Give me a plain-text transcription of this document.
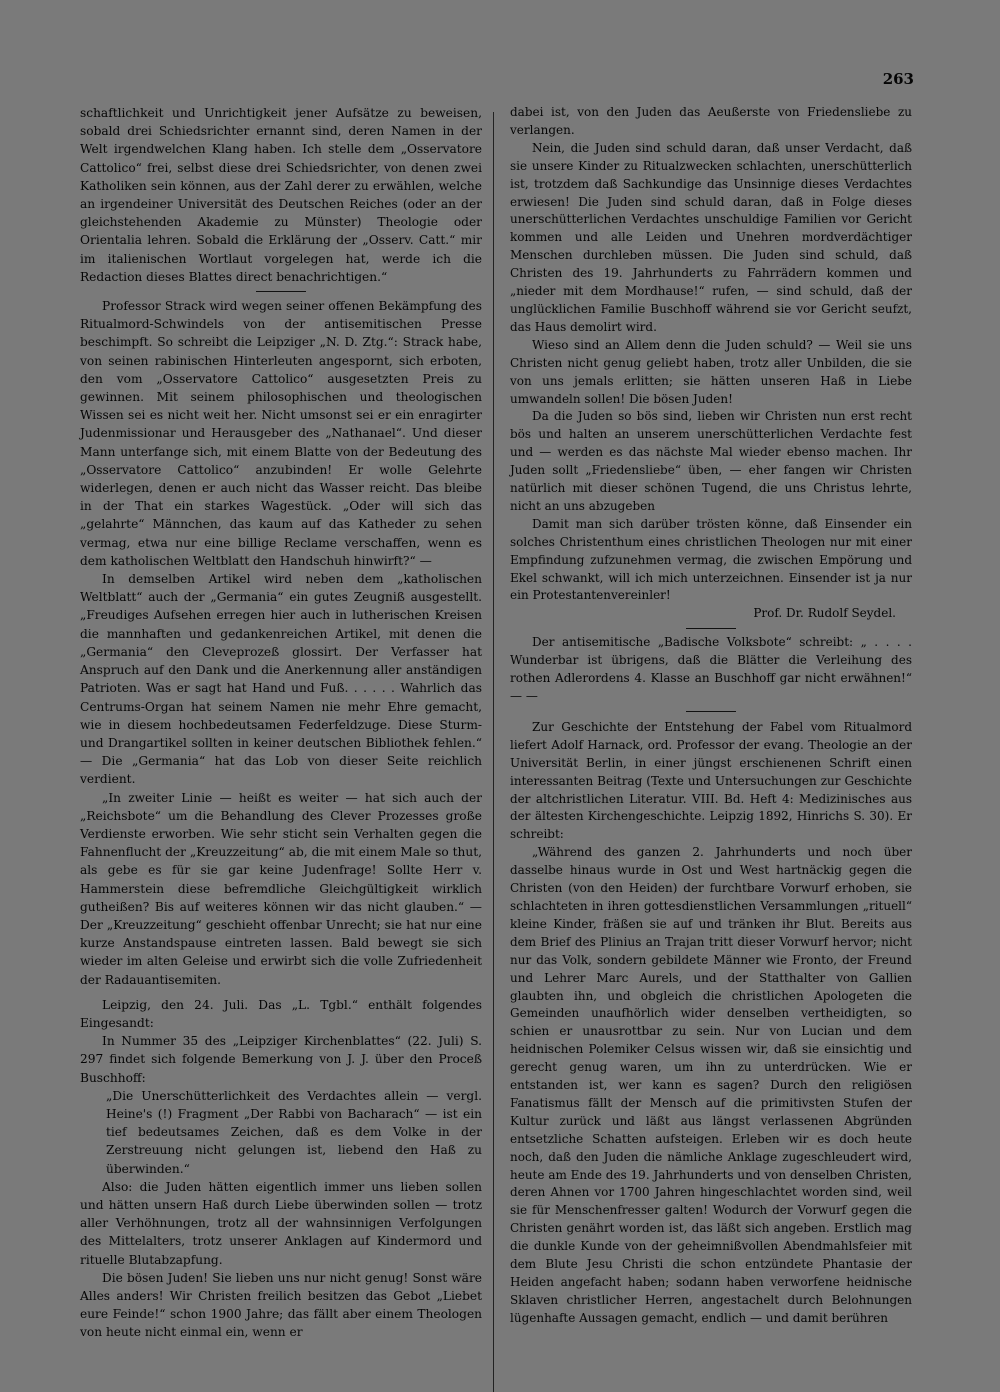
263

schaftlichkeit und Unrichtigkeit jener Aufsätze zu beweisen, sobald drei Schiedsrichter ernannt sind, deren Namen in der Welt irgendwelchen Klang haben. Ich stelle dem „Osservatore Cattolico“ frei, selbst diese drei Schiedsrichter, von denen zwei Katholiken sein können, aus der Zahl derer zu erwählen, welche an irgendeiner Universität des Deutschen Reiches (oder an der gleichstehenden Akademie zu Münster) Theologie oder Orientalia lehren. Sobald die Erklärung der „Osserv. Catt.“ mir im italienischen Wortlaut vorgelegen hat, werde ich die Redaction dieses Blattes direct benachrichtigen.“

Professor Strack wird wegen seiner offenen Bekämpfung des Ritualmord-Schwindels von der antisemitischen Presse beschimpft. So schreibt die Leipziger „N. D. Ztg.“: Strack habe, von seinen rabinischen Hinterleuten angespornt, sich erboten, den vom „Osservatore Cattolico“ ausgesetzten Preis zu gewinnen. Mit seinem philosophischen und theologischen Wissen sei es nicht weit her. Nicht umsonst sei er ein enragirter Judenmissionar und Herausgeber des „Nathanael“. Und dieser Mann unterfange sich, mit einem Blatte von der Bedeutung des „Osservatore Cattolico“ anzubinden! Er wolle Gelehrte widerlegen, denen er auch nicht das Wasser reicht. Das bleibe in der That ein starkes Wagestück. „Oder will sich das „gelahrte“ Männchen, das kaum auf das Katheder zu sehen vermag, etwa nur eine billige Reclame verschaffen, wenn es dem katholischen Weltblatt den Handschuh hinwirft?“ —

In demselben Artikel wird neben dem „katholischen Weltblatt“ auch der „Germania“ ein gutes Zeugniß ausgestellt. „Freudiges Aufsehen erregen hier auch in lutherischen Kreisen die mannhaften und gedankenreichen Artikel, mit denen die „Germania“ den Cleveprozeß glossirt. Der Verfasser hat Anspruch auf den Dank und die Anerkennung aller anständigen Patrioten. Was er sagt hat Hand und Fuß. . . . . . Wahrlich das Centrums-Organ hat seinem Namen nie mehr Ehre gemacht, wie in diesem hochbedeutsamen Federfeldzuge. Diese Sturm- und Drangartikel sollten in keiner deutschen Bibliothek fehlen.“ — Die „Germania“ hat das Lob von dieser Seite reichlich verdient.

„In zweiter Linie — heißt es weiter — hat sich auch der „Reichsbote“ um die Behandlung des Clever Prozesses große Verdienste erworben. Wie sehr sticht sein Verhalten gegen die Fahnenflucht der „Kreuzzeitung“ ab, die mit einem Male so thut, als gebe es für sie gar keine Judenfrage! Sollte Herr v. Hammerstein diese befremdliche Gleichgültigkeit wirklich gutheißen? Bis auf weiteres können wir das nicht glauben.“ — Der „Kreuzzeitung“ geschieht offenbar Unrecht; sie hat nur eine kurze Anstandspause eintreten lassen. Bald bewegt sie sich wieder im alten Geleise und erwirbt sich die volle Zufriedenheit der Radauantisemiten.

Leipzig, den 24. Juli. Das „L. Tgbl.“ enthält folgendes Eingesandt:

In Nummer 35 des „Leipziger Kirchenblattes“ (22. Juli) S. 297 findet sich folgende Bemerkung von J. J. über den Proceß Buschhoff:

„Die Unerschütterlichkeit des Verdachtes allein — vergl. Heine's (!) Fragment „Der Rabbi von Bacharach“ — ist ein tief bedeutsames Zeichen, daß es dem Volke in der Zerstreuung nicht gelungen ist, liebend den Haß zu überwinden.“

Also: die Juden hätten eigentlich immer uns lieben sollen und hätten unsern Haß durch Liebe überwinden sollen — trotz aller Verhöhnungen, trotz all der wahnsinnigen Verfolgungen des Mittelalters, trotz unserer Anklagen auf Kindermord und rituelle Blutabzapfung.

Die bösen Juden! Sie lieben uns nur nicht genug! Sonst wäre Alles anders! Wir Christen freilich besitzen das Gebot „Liebet eure Feinde!“ schon 1900 Jahre; das fällt aber einem Theologen von heute nicht einmal ein, wenn er

dabei ist, von den Juden das Aeußerste von Friedensliebe zu verlangen.

Nein, die Juden sind schuld daran, daß unser Verdacht, daß sie unsere Kinder zu Ritualzwecken schlachten, unerschütterlich ist, trotzdem daß Sachkundige das Unsinnige dieses Verdachtes erwiesen! Die Juden sind schuld daran, daß in Folge dieses unerschütterlichen Verdachtes unschuldige Familien vor Gericht kommen und alle Leiden und Unehren mordverdächtiger Menschen durchleben müssen. Die Juden sind schuld, daß Christen des 19. Jahrhunderts zu Fahrrädern kommen und „nieder mit dem Mordhause!“ rufen, — sind schuld, daß der unglücklichen Familie Buschhoff während sie vor Gericht seufzt, das Haus demolirt wird.

Wieso sind an Allem denn die Juden schuld? — Weil sie uns Christen nicht genug geliebt haben, trotz aller Unbilden, die sie von uns jemals erlitten; sie hätten unseren Haß in Liebe umwandeln sollen! Die bösen Juden!

Da die Juden so bös sind, lieben wir Christen nun erst recht bös und halten an unserem unerschütterlichen Verdachte fest und — werden es das nächste Mal wieder ebenso machen. Ihr Juden sollt „Friedensliebe“ üben, — eher fangen wir Christen natürlich mit dieser schönen Tugend, die uns Christus lehrte, nicht an uns abzugeben

Damit man sich darüber trösten könne, daß Einsender ein solches Christenthum eines christlichen Theologen nur mit einer Empfindung zufzunehmen vermag, die zwischen Empörung und Ekel schwankt, will ich mich unterzeichnen. Einsender ist ja nur ein Protestantenvereinler!

Prof. Dr. Rudolf Seydel.

Der antisemitische „Badische Volksbote“ schreibt: „ . . . . Wunderbar ist übrigens, daß die Blätter die Verleihung des rothen Adlerordens 4. Klasse an Buschhoff gar nicht erwähnen!“ — —

Zur Geschichte der Entstehung der Fabel vom Ritualmord liefert Adolf Harnack, ord. Professor der evang. Theologie an der Universität Berlin, in einer jüngst erschienenen Schrift einen interessanten Beitrag (Texte und Untersuchungen zur Geschichte der altchristlichen Literatur. VIII. Bd. Heft 4: Medizinisches aus der ältesten Kirchengeschichte. Leipzig 1892, Hinrichs S. 30). Er schreibt:

„Während des ganzen 2. Jahrhunderts und noch über dasselbe hinaus wurde in Ost und West hartnäckig gegen die Christen (von den Heiden) der furchtbare Vorwurf erhoben, sie schlachteten in ihren gottesdienstlichen Versammlungen „rituell“ kleine Kinder, fräßen sie auf und tränken ihr Blut. Bereits aus dem Brief des Plinius an Trajan tritt dieser Vorwurf hervor; nicht nur das Volk, sondern gebildete Männer wie Fronto, der Freund und Lehrer Marc Aurels, und der Statthalter von Gallien glaubten ihn, und obgleich die christlichen Apologeten die Gemeinden unaufhörlich wider denselben vertheidigten, so schien er unausrottbar zu sein. Nur von Lucian und dem heidnischen Polemiker Celsus wissen wir, daß sie einsichtig und gerecht genug waren, um ihn zu unterdrücken. Wie er entstanden ist, wer kann es sagen? Durch den religiösen Fanatismus fällt der Mensch auf die primitivsten Stufen der Kultur zurück und läßt aus längst verlassenen Abgründen entsetzliche Schatten aufsteigen. Erleben wir es doch heute noch, daß den Juden die nämliche Anklage zugeschleudert wird, heute am Ende des 19. Jahrhunderts und von denselben Christen, deren Ahnen vor 1700 Jahren hingeschlachtet worden sind, weil sie für Menschenfresser galten! Wodurch der Vorwurf gegen die Christen genährt worden ist, das läßt sich angeben. Erstlich mag die dunkle Kunde von der geheimnißvollen Abendmahlsfeier mit dem Blute Jesu Christi die schon entzündete Phantasie der Heiden angefacht haben; sodann haben verworfene heidnische Sklaven christlicher Herren, angestachelt durch Belohnungen lügenhafte Aussagen gemacht, endlich — und damit berühren
